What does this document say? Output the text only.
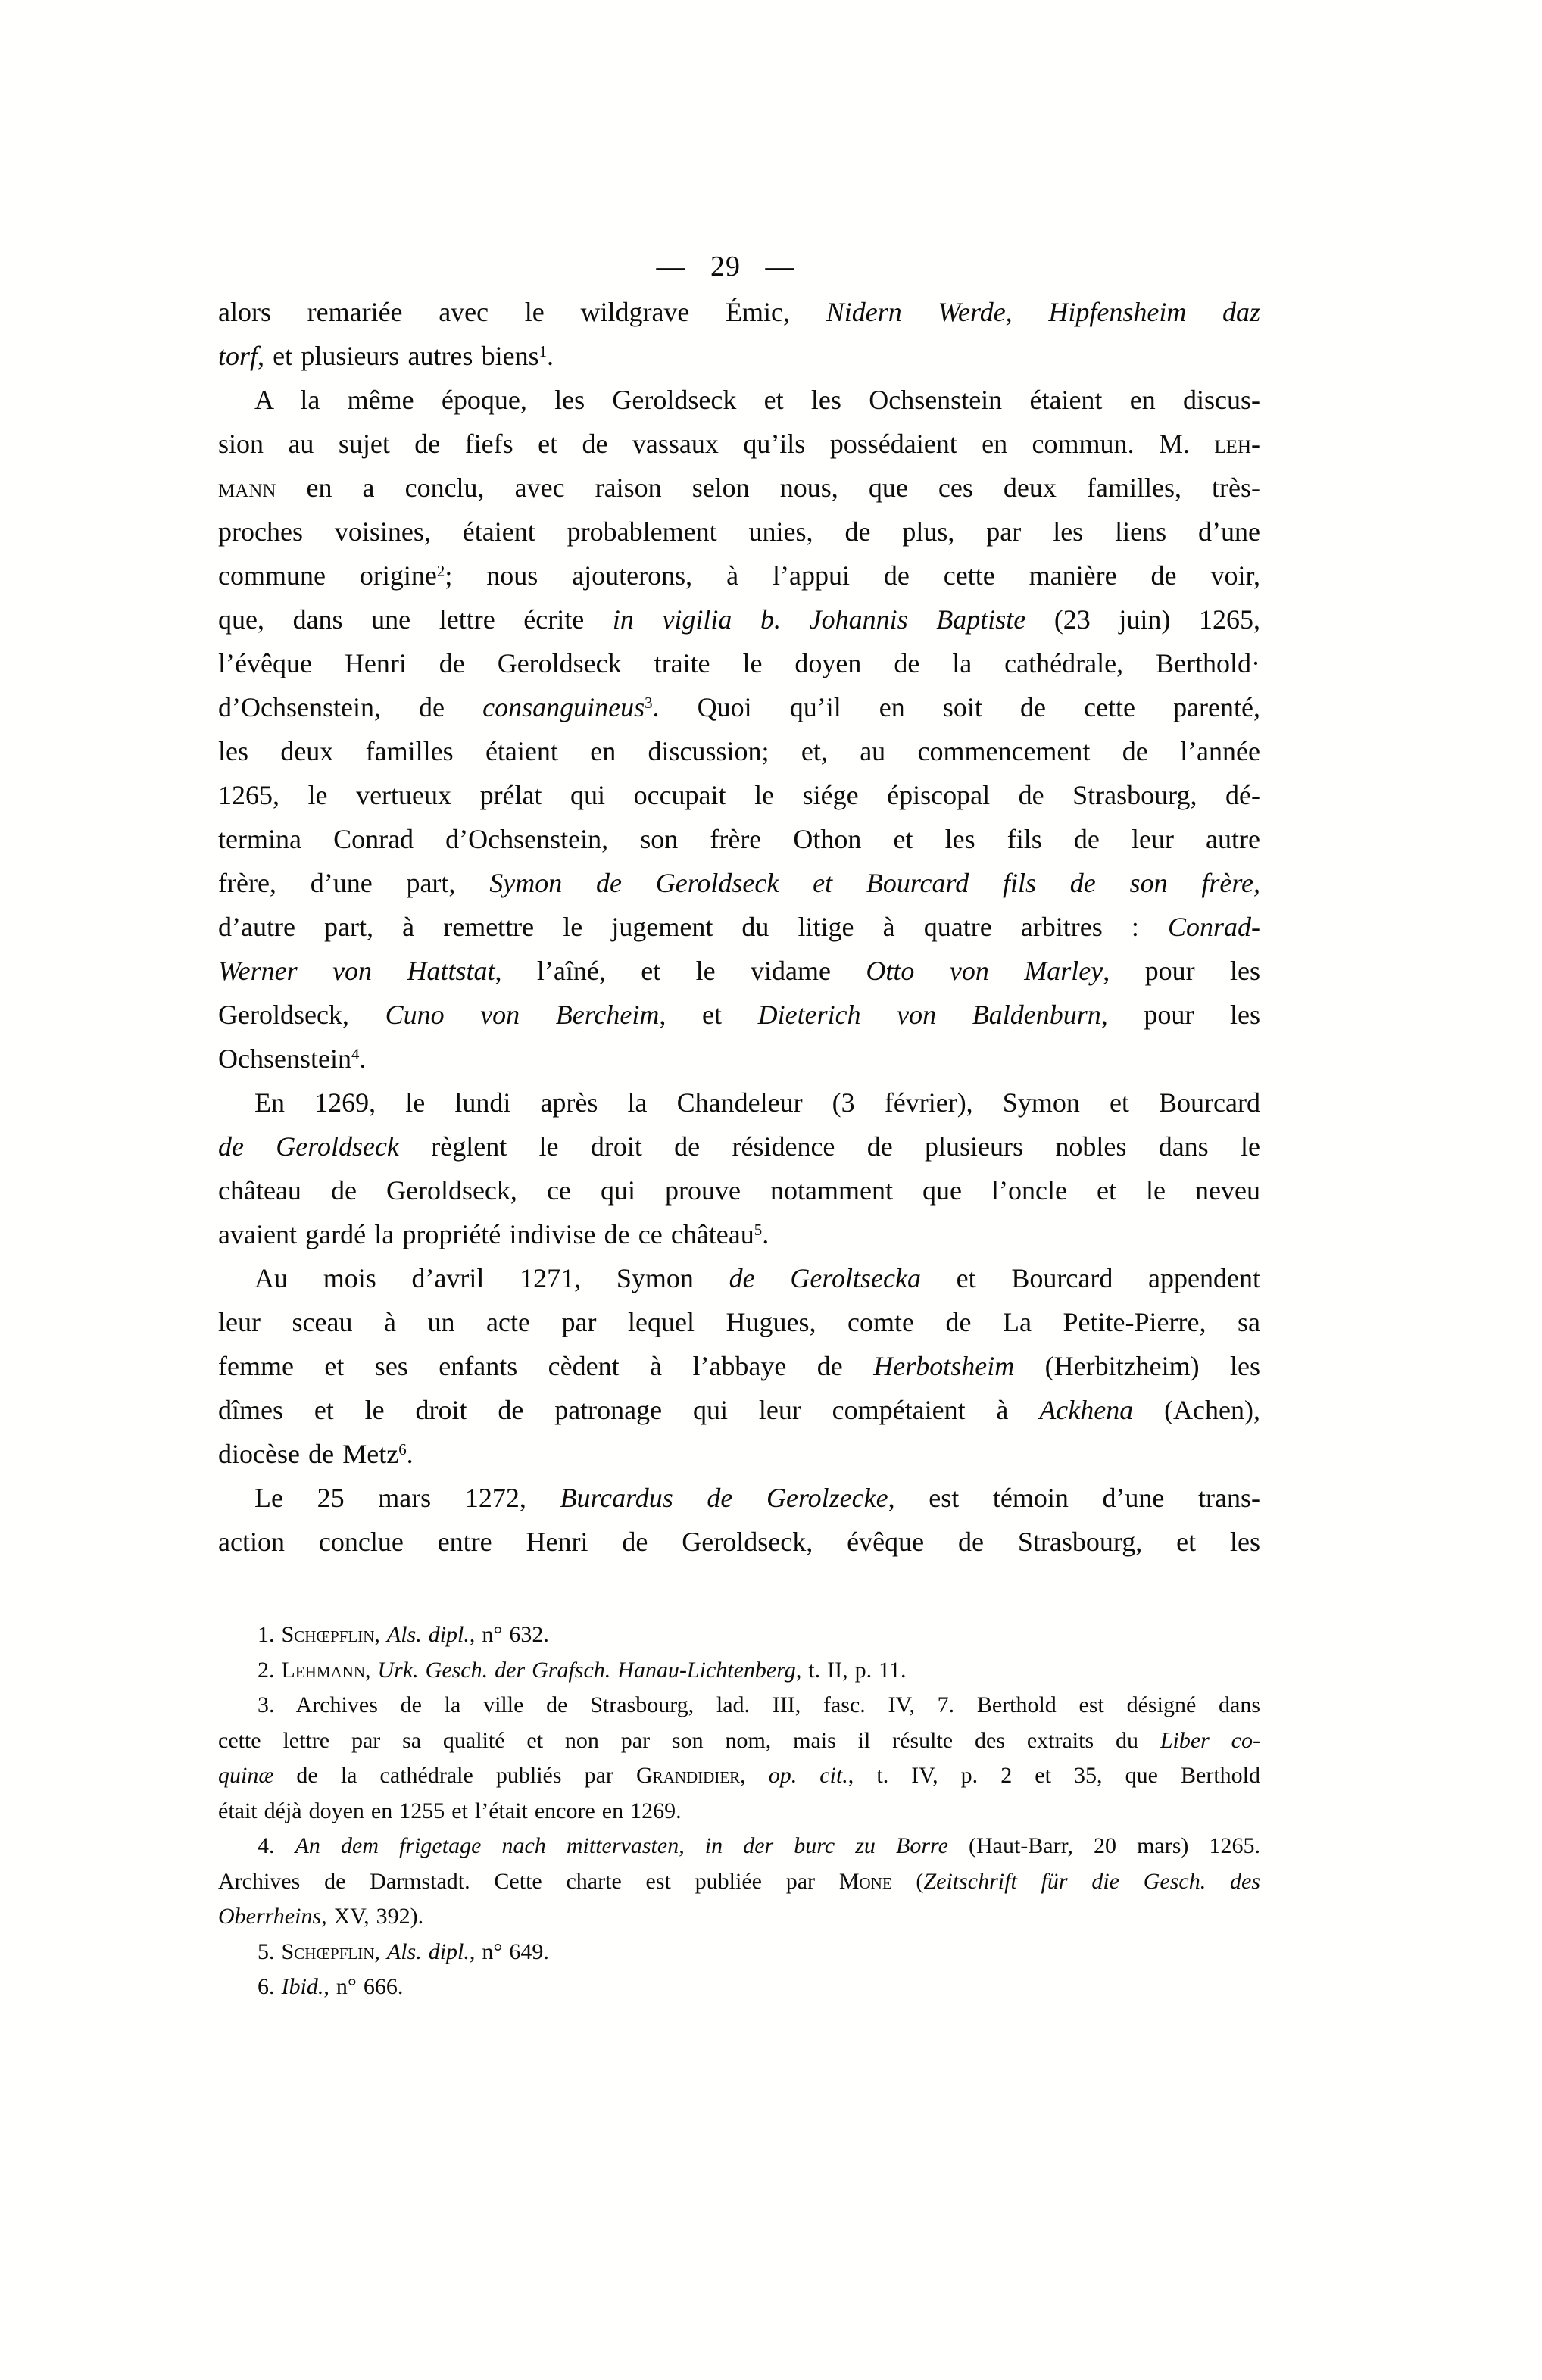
— 29 —
alors remariée avec le wildgrave Émic, Nidern Werde, Hipfensheim daz
torf, et plusieurs autres biens$^1$.
A la même époque, les Geroldseck et les Ochsenstein étaient en discus-
sion au sujet de fiefs et de vassaux qu’ils possédaient en commun. M. leh-
mann en a conclu, avec raison selon nous, que ces deux familles, très-
proches voisines, étaient probablement unies, de plus, par les liens d’une
commune origine$^2$; nous ajouterons, à l’appui de cette manière de voir,
que, dans une lettre écrite in vigilia b. Johannis Baptiste (23 juin) 1265,
l’évêque Henri de Geroldseck traite le doyen de la cathédrale, Berthold·
d’Ochsenstein, de consanguineus$^3$. Quoi qu’il en soit de cette parenté,
les deux familles étaient en discussion; et, au commencement de l’année
1265, le vertueux prélat qui occupait le siége épiscopal de Strasbourg, dé-
termina Conrad d’Ochsenstein, son frère Othon et les fils de leur autre
frère, d’une part, Symon de Geroldseck et Bourcard fils de son frère,
d’autre part, à remettre le jugement du litige à quatre arbitres : Conrad-
Werner von Hattstat, l’aîné, et le vidame Otto von Marley, pour les
Geroldseck, Cuno von Bercheim, et Dieterich von Baldenburn, pour les
Ochsenstein$^4$.
En 1269, le lundi après la Chandeleur (3 février), Symon et Bourcard
de Geroldseck règlent le droit de résidence de plusieurs nobles dans le
château de Geroldseck, ce qui prouve notamment que l’oncle et le neveu
avaient gardé la propriété indivise de ce château$^5$.
Au mois d’avril 1271, Symon de Geroltsecka et Bourcard appendent
leur sceau à un acte par lequel Hugues, comte de La Petite-Pierre, sa
femme et ses enfants cèdent à l’abbaye de Herbotsheim (Herbitzheim) les
dîmes et le droit de patronage qui leur compétaient à Ackhena (Achen),
diocèse de Metz$^6$.
Le 25 mars 1272, Burcardus de Gerolzecke, est témoin d’une trans-
action conclue entre Henri de Geroldseck, évêque de Strasbourg, et les
1. Schœpflin, Als. dipl., n° 632.
2. Lehmann, Urk. Gesch. der Grafsch. Hanau-Lichtenberg, t. II, p. 11.
3. Archives de la ville de Strasbourg, lad. III, fasc. IV, 7. Berthold est désigné dans
cette lettre par sa qualité et non par son nom, mais il résulte des extraits du Liber co-
quinæ de la cathédrale publiés par Grandidier, op. cit., t. IV, p. 2 et 35, que Berthold
était déjà doyen en 1255 et l’était encore en 1269.
4. An dem frigetage nach mittervasten, in der burc zu Borre (Haut-Barr, 20 mars) 1265.
Archives de Darmstadt. Cette charte est publiée par Mone (Zeitschrift für die Gesch. des
Oberrheins, XV, 392).
5. Schœpflin, Als. dipl., n° 649.
6. Ibid., n° 666.
